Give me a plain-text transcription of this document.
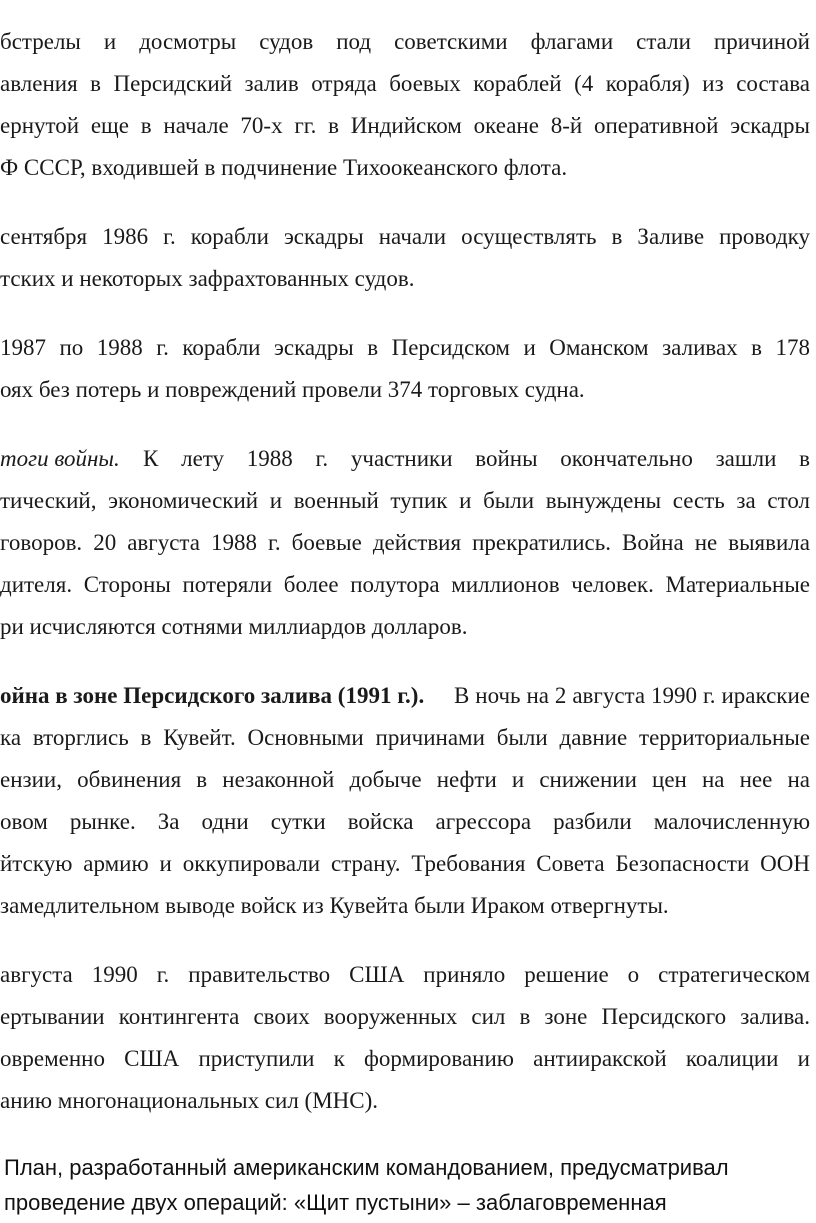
бстрелы и досмотры судов под советскими флагами стали причиной
авления в Персидский залив отряда боевых кораблей (4 корабля) из состава
ернутой еще в начале 70-х гг. в Индийском океане 8-й оперативной эскадры
Ф СССР, входившей в подчинение Тихоокеанского флота.
сентября 1986 г. корабли эскадры начали осуществлять в Заливе проводку
тских и некоторых зафрахтованных судов.
1987 по 1988 г. корабли эскадры в Персидском и Оманском заливах в 178
оях без потерь и повреждений провели 374 торговых судна.
тоги войны. К лету 1988 г. участники войны окончательно зашли в
тический, экономический и военный тупик и были вынуждены сесть за стол
говоров. 20 августа 1988 г. боевые действия прекратились. Война не выявила
дителя. Стороны потеряли более полутора миллионов человек. Материальные
ри исчисляются сотнями миллиардов долларов.
ойна в зоне Персидского залива (1991 г.). В ночь на 2 августа 1990 г. иракские
ка вторглись в Кувейт. Основными причинами были давние территориальные
ензии, обвинения в незаконной добыче нефти и снижении цен на нее на
овом рынке. За одни сутки войска агрессора разбили малочисленную
йтскую армию и оккупировали страну. Требования Совета Безопасности ООН
замедлительном выводе войск из Кувейта были Ираком отвергнуты.
августа 1990 г. правительство США приняло решение о стратегическом
ертывании контингента своих вооруженных сил в зоне Персидского залива.
овременно США приступили к формированию антииракской коалиции и
анию многонациональных сил (МНС).
План, разработанный американским командованием, предусматривал
проведение двух операций: «Щит пустыни» – заблаговременная
